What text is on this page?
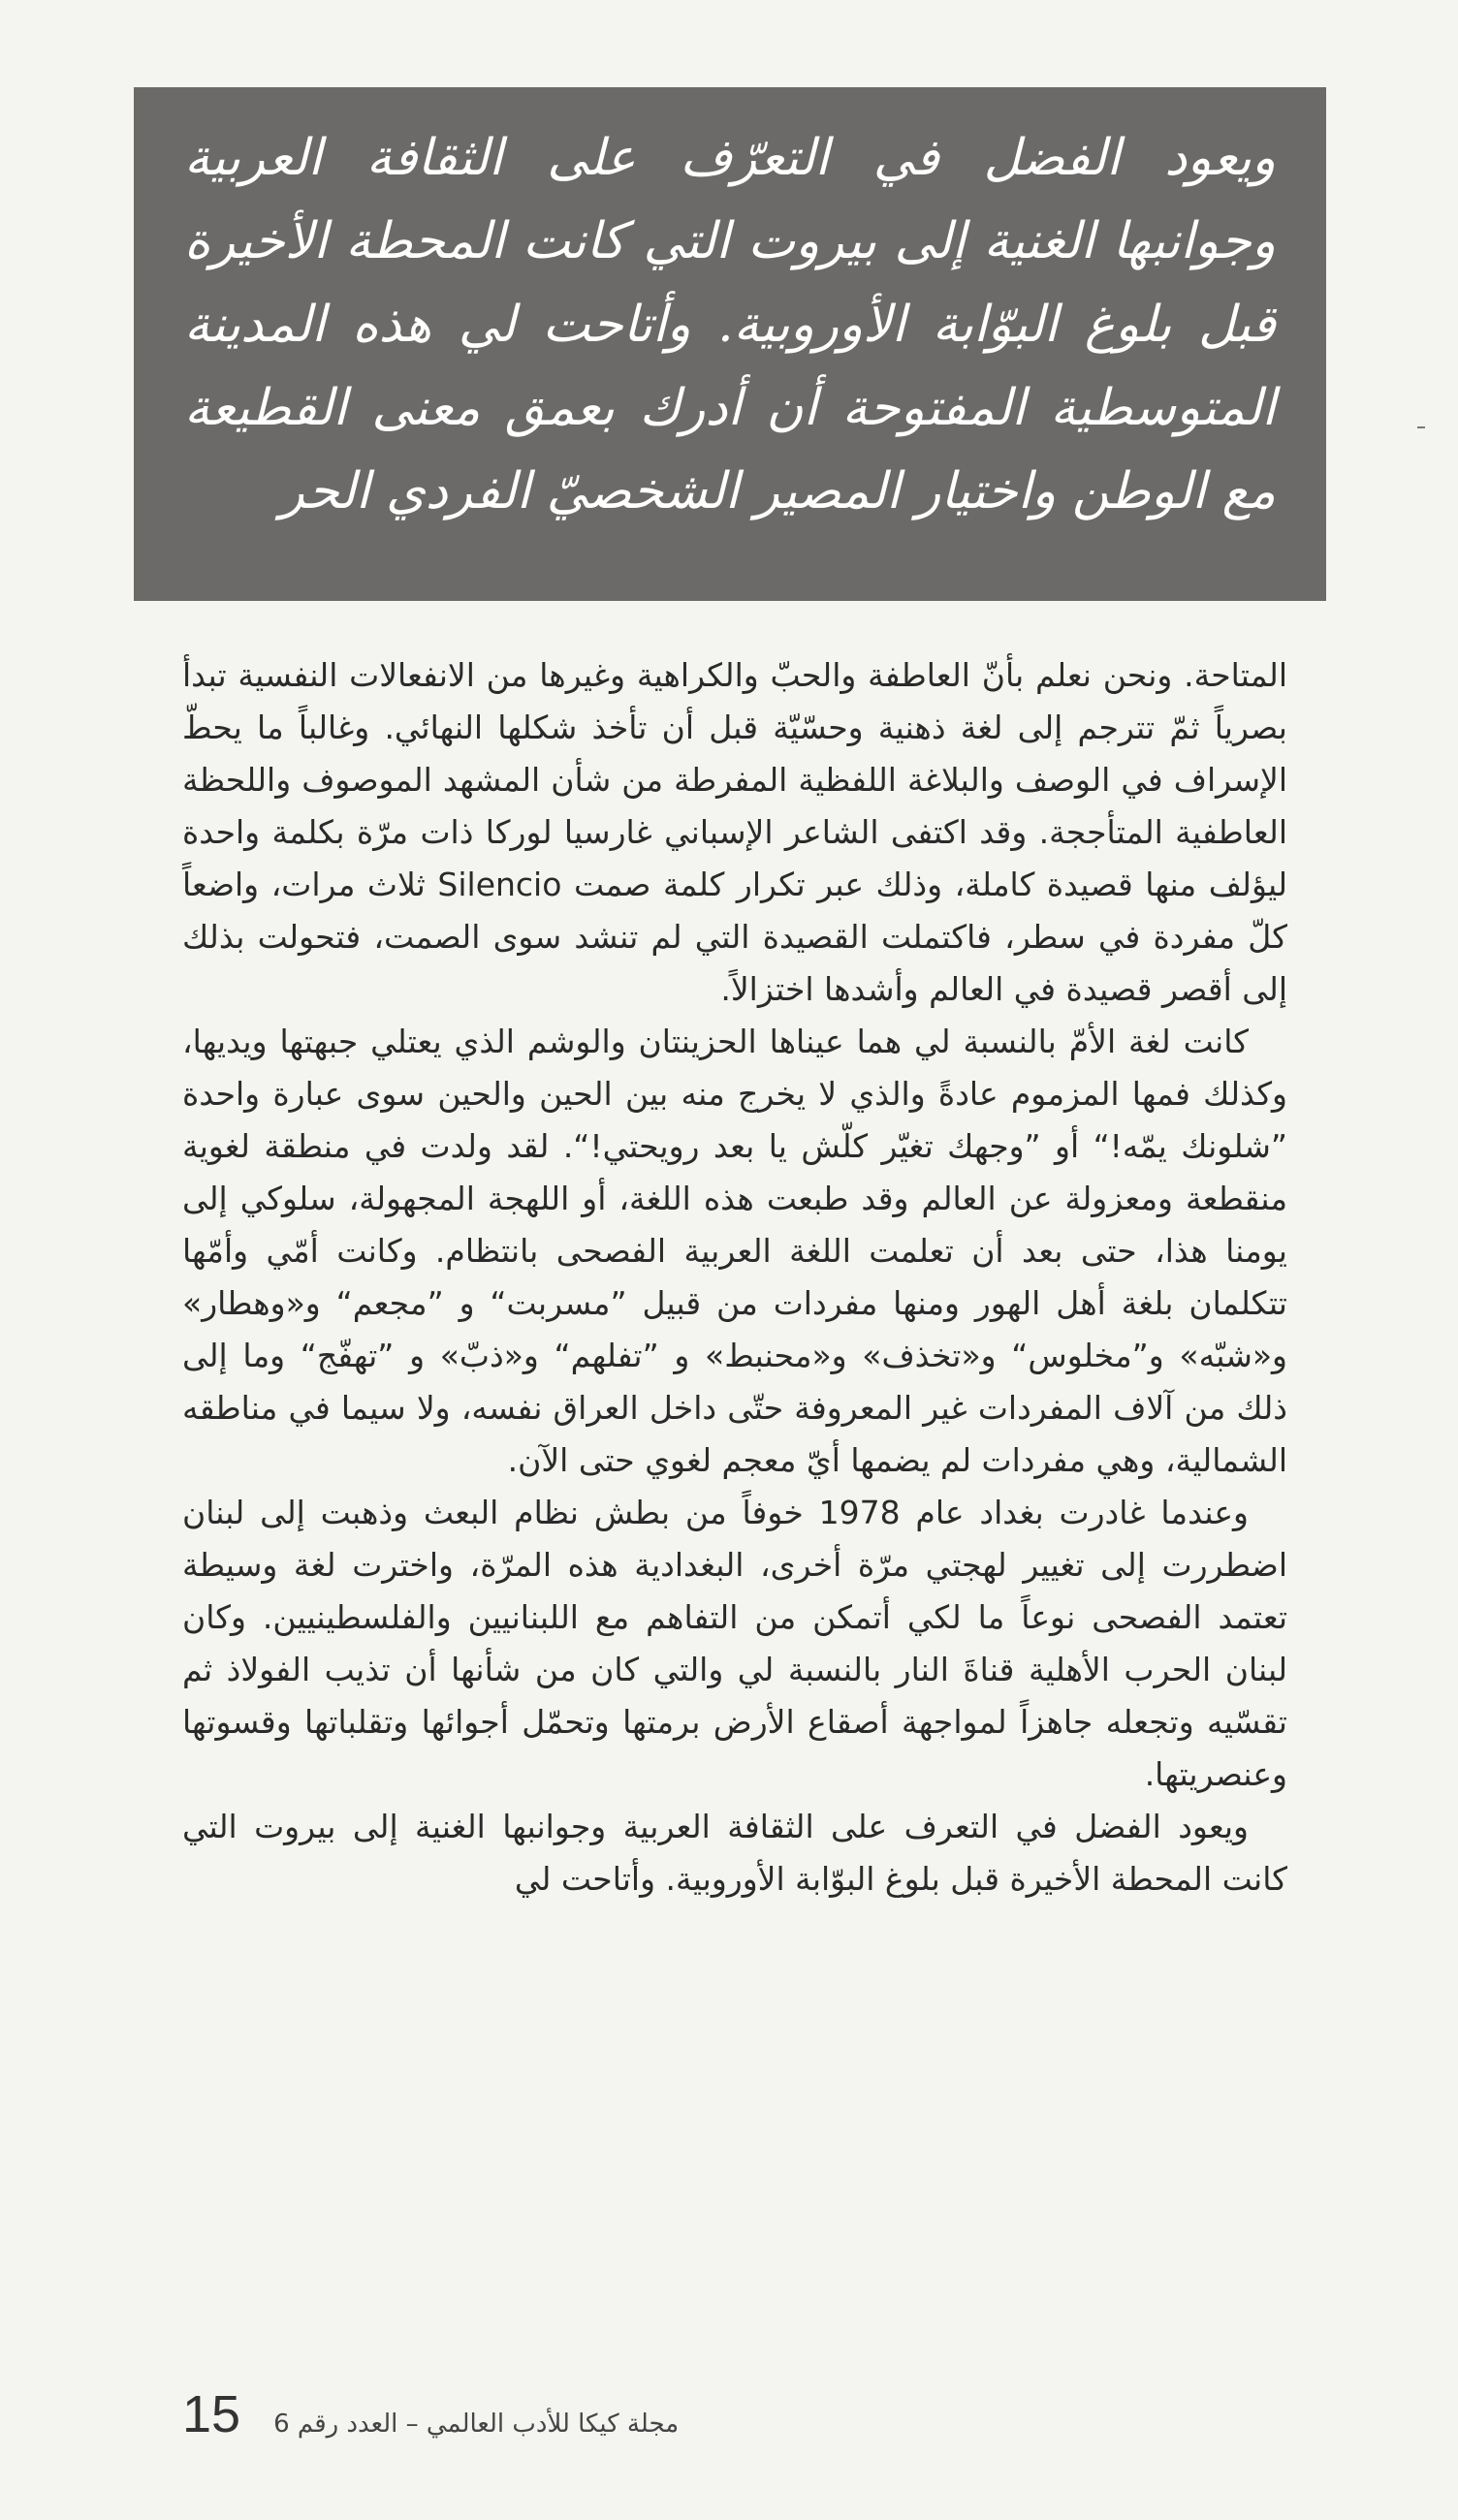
ويعود الفضل في التعرّف على الثقافة العربية وجوانبها الغنية إلى بيروت التي كانت المحطة الأخيرة قبل بلوغ البوّابة الأوروبية. وأتاحت لي هذه المدينة المتوسطية المفتوحة أن أدرك بعمق معنى القطيعة مع الوطن واختيار المصير الشخصيّ الفردي الحر

المتاحة. ونحن نعلم بأنّ العاطفة والحبّ والكراهية وغيرها من الانفعالات النفسية تبدأ بصرياً ثمّ تترجم إلى لغة ذهنية وحسّيّة قبل أن تأخذ شكلها النهائي. وغالباً ما يحطّ الإسراف في الوصف والبلاغة اللفظية المفرطة من شأن المشهد الموصوف واللحظة العاطفية المتأججة. وقد اكتفى الشاعر الإسباني غارسيا لوركا ذات مرّة بكلمة واحدة ليؤلف منها قصيدة كاملة، وذلك عبر تكرار كلمة صمت Silencio ثلاث مرات، واضعاً كلّ مفردة في سطر، فاكتملت القصيدة التي لم تنشد سوى الصمت، فتحولت بذلك إلى أقصر قصيدة في العالم وأشدها اختزالاً.

كانت لغة الأمّ بالنسبة لي هما عيناها الحزينتان والوشم الذي يعتلي جبهتها ويديها، وكذلك فمها المزموم عادةً والذي لا يخرج منه بين الحين والحين سوى عبارة واحدة ”شلونك يمّه!“ أو ”وجهك تغيّر كلّش يا بعد رويحتي!“. لقد ولدت في منطقة لغوية منقطعة ومعزولة عن العالم وقد طبعت هذه اللغة، أو اللهجة المجهولة، سلوكي إلى يومنا هذا، حتى بعد أن تعلمت اللغة العربية الفصحى بانتظام. وكانت أمّي وأمّها تتكلمان بلغة أهل الهور ومنها مفردات من قبيل ”مسربت“ و ”مجعم“ و«وهطار» و«شبّه» و”مخلوس“ و«تخذف» و«محنبط» و ”تفلهم“ و«ذبّ» و ”تهفّج“ وما إلى ذلك من آلاف المفردات غير المعروفة حتّى داخل العراق نفسه، ولا سيما في مناطقه الشمالية، وهي مفردات لم يضمها أيّ معجم لغوي حتى الآن.

وعندما غادرت بغداد عام 1978 خوفاً من بطش نظام البعث وذهبت إلى لبنان اضطررت إلى تغيير لهجتي مرّة أخرى، البغدادية هذه المرّة، واخترت لغة وسيطة تعتمد الفصحى نوعاً ما لكي أتمكن من التفاهم مع اللبنانيين والفلسطينيين. وكان لبنان الحرب الأهلية قناةَ النار بالنسبة لي والتي كان من شأنها أن تذيب الفولاذ ثم تقسّيه وتجعله جاهزاً لمواجهة أصقاع الأرض برمتها وتحمّل أجوائها وتقلباتها وقسوتها وعنصريتها.

ويعود الفضل في التعرف على الثقافة العربية وجوانبها الغنية إلى بيروت التي كانت المحطة الأخيرة قبل بلوغ البوّابة الأوروبية. وأتاحت لي

15 مجلة كيكا للأدب العالمي – العدد رقم 6
